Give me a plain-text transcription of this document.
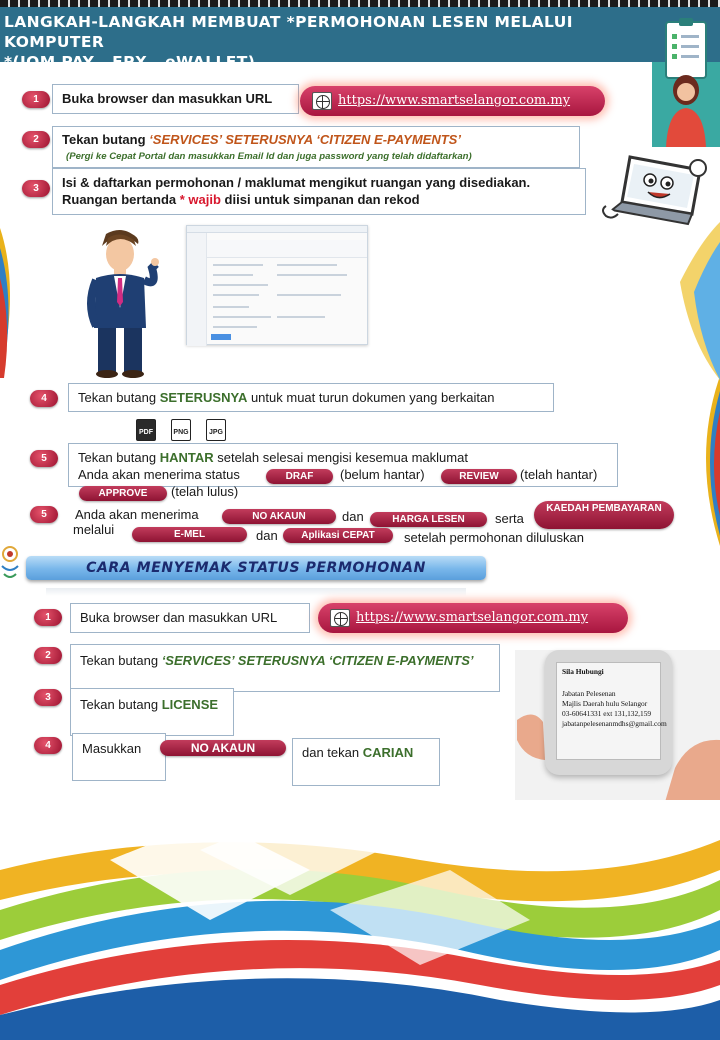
LANGKAH-LANGKAH MEMBUAT *PERMOHONAN LESEN MELALUI KOMPUTER
*(JOM PAY , FPX , eWALLET)
1	Buka browser dan masukkan URL	https://www.smartselangor.com.my
2	Tekan butang ‘SERVICES’ SETERUSNYA ‘CITIZEN E-PAYMENTS’
(Pergi ke Cepat Portal dan masukkan Email Id dan juga password yang telah didaftarkan)
3	Isi & daftarkan permohonan / maklumat mengikut ruangan yang disediakan.
Ruangan bertanda * wajib diisi untuk simpanan dan rekod
4	Tekan butang SETERUSNYA untuk muat turun dokumen yang berkaitan
PDF	PNG	JPG
5	Tekan butang HANTAR setelah selesai mengisi kesemua maklumat
Anda akan menerima status	DRAF	(belum hantar)	REVIEW	(telah hantar)
APPROVE	(telah lulus)
5	Anda akan menerima	NO AKAUN	dan	HARGA LESEN	serta
KAEDAH PEMBAYARAN
melalui	E-MEL	dan	Aplikasi CEPAT	setelah permohonan diluluskan
CARA MENYEMAK STATUS PERMOHONAN
1	Buka browser dan masukkan URL	https://www.smartselangor.com.my
2	Tekan butang ‘SERVICES’ SETERUSNYA ‘CITIZEN E-PAYMENTS’
3	Tekan butang LICENSE
4	Masukkan	NO AKAUN	dan tekan CARIAN
Sila Hubungi
Jabatan Pelesenan
Majlis Daerah hulu Selangor
03-60641331 ext 131,132,159
jabatanpelesenanmdhs@gmail.com
